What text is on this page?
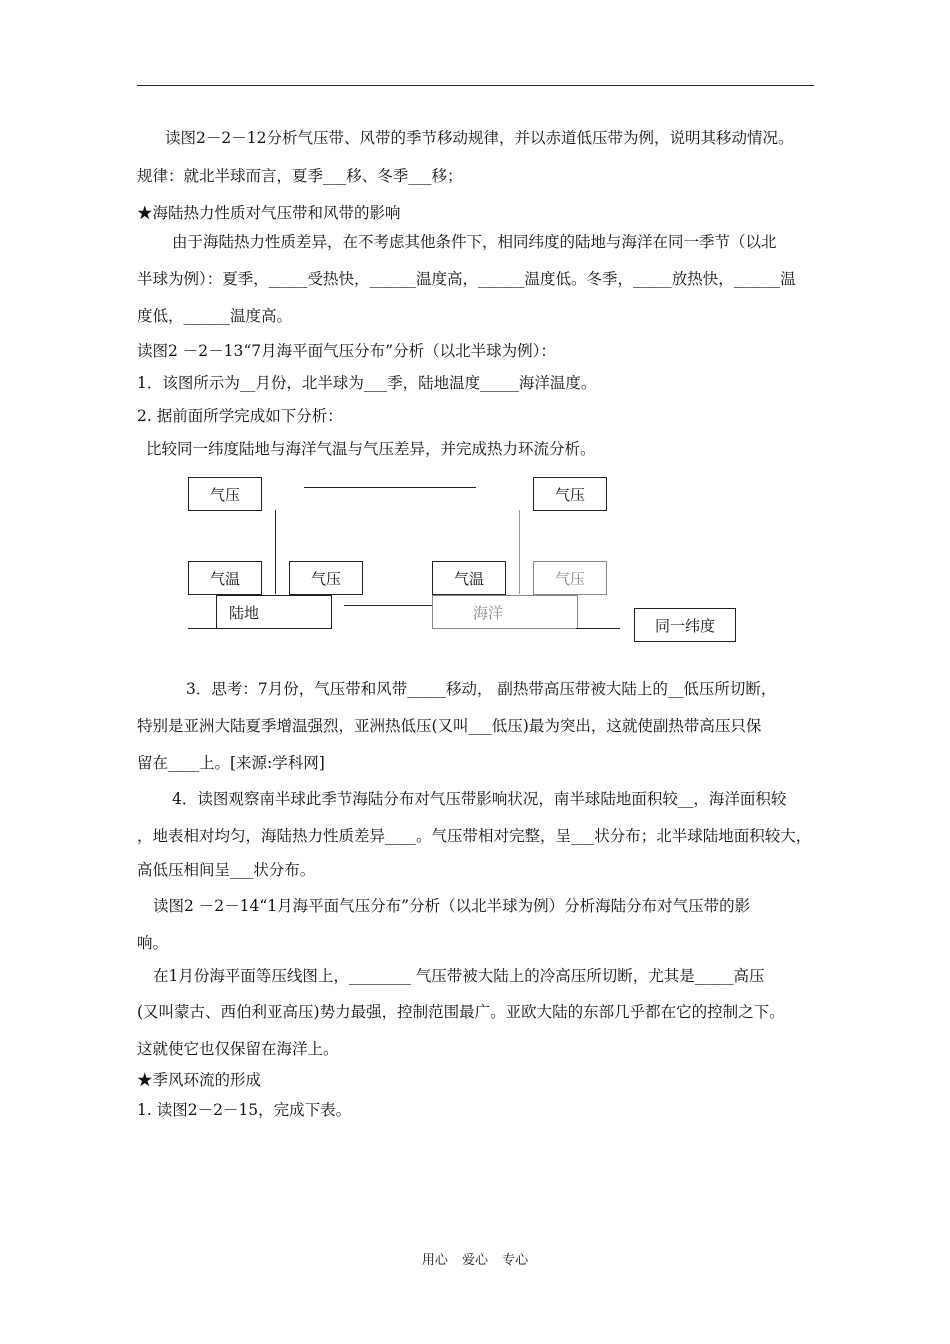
读图2－2－12分析气压带、风带的季节移动规律，并以赤道低压带为例，说明其移动情况。
规律：就北半球而言，夏季___移、冬季___移；
★海陆热力性质对气压带和风带的影响
由于海陆热力性质差异，在不考虑其他条件下，相同纬度的陆地与海洋在同一季节（以北
半球为例）：夏季，_____受热快，______温度高，______温度低。冬季，_____放热快，______温
度低，______温度高。
读图2 －2－13“7月海平面气压分布”分析（以北半球为例）：
1．该图所示为__月份，北半球为___季，陆地温度_____海洋温度。
2. 据前面所学完成如下分析：
比较同一纬度陆地与海洋气温与气压差异，并完成热力环流分析。
气压	气压
气温	气压	气温	气压
陆地	海洋
同一纬度
3．思考：7月份，气压带和风带_____移动， 副热带高压带被大陆上的__低压所切断，
特别是亚洲大陆夏季增温强烈，亚洲热低压(又叫___低压)最为突出，这就使副热带高压只保
留在____上。[来源:学科网]
4．读图观察南半球此季节海陆分布对气压带影响状况，南半球陆地面积较__，海洋面积较
，地表相对均匀，海陆热力性质差异____。气压带相对完整，呈___状分布；北半球陆地面积较大，
高低压相间呈___状分布。
读图2 －2－14“1月海平面气压分布”分析（以北半球为例）分析海陆分布对气压带的影
响。
在1月份海平面等压线图上，________ 气压带被大陆上的冷高压所切断，尤其是_____高压
(又叫蒙古、西伯利亚高压)势力最强，控制范围最广。亚欧大陆的东部几乎都在它的控制之下。
这就使它也仅保留在海洋上。
★季风环流的形成
1. 读图2－2－15，完成下表。
用心 爱心 专心
